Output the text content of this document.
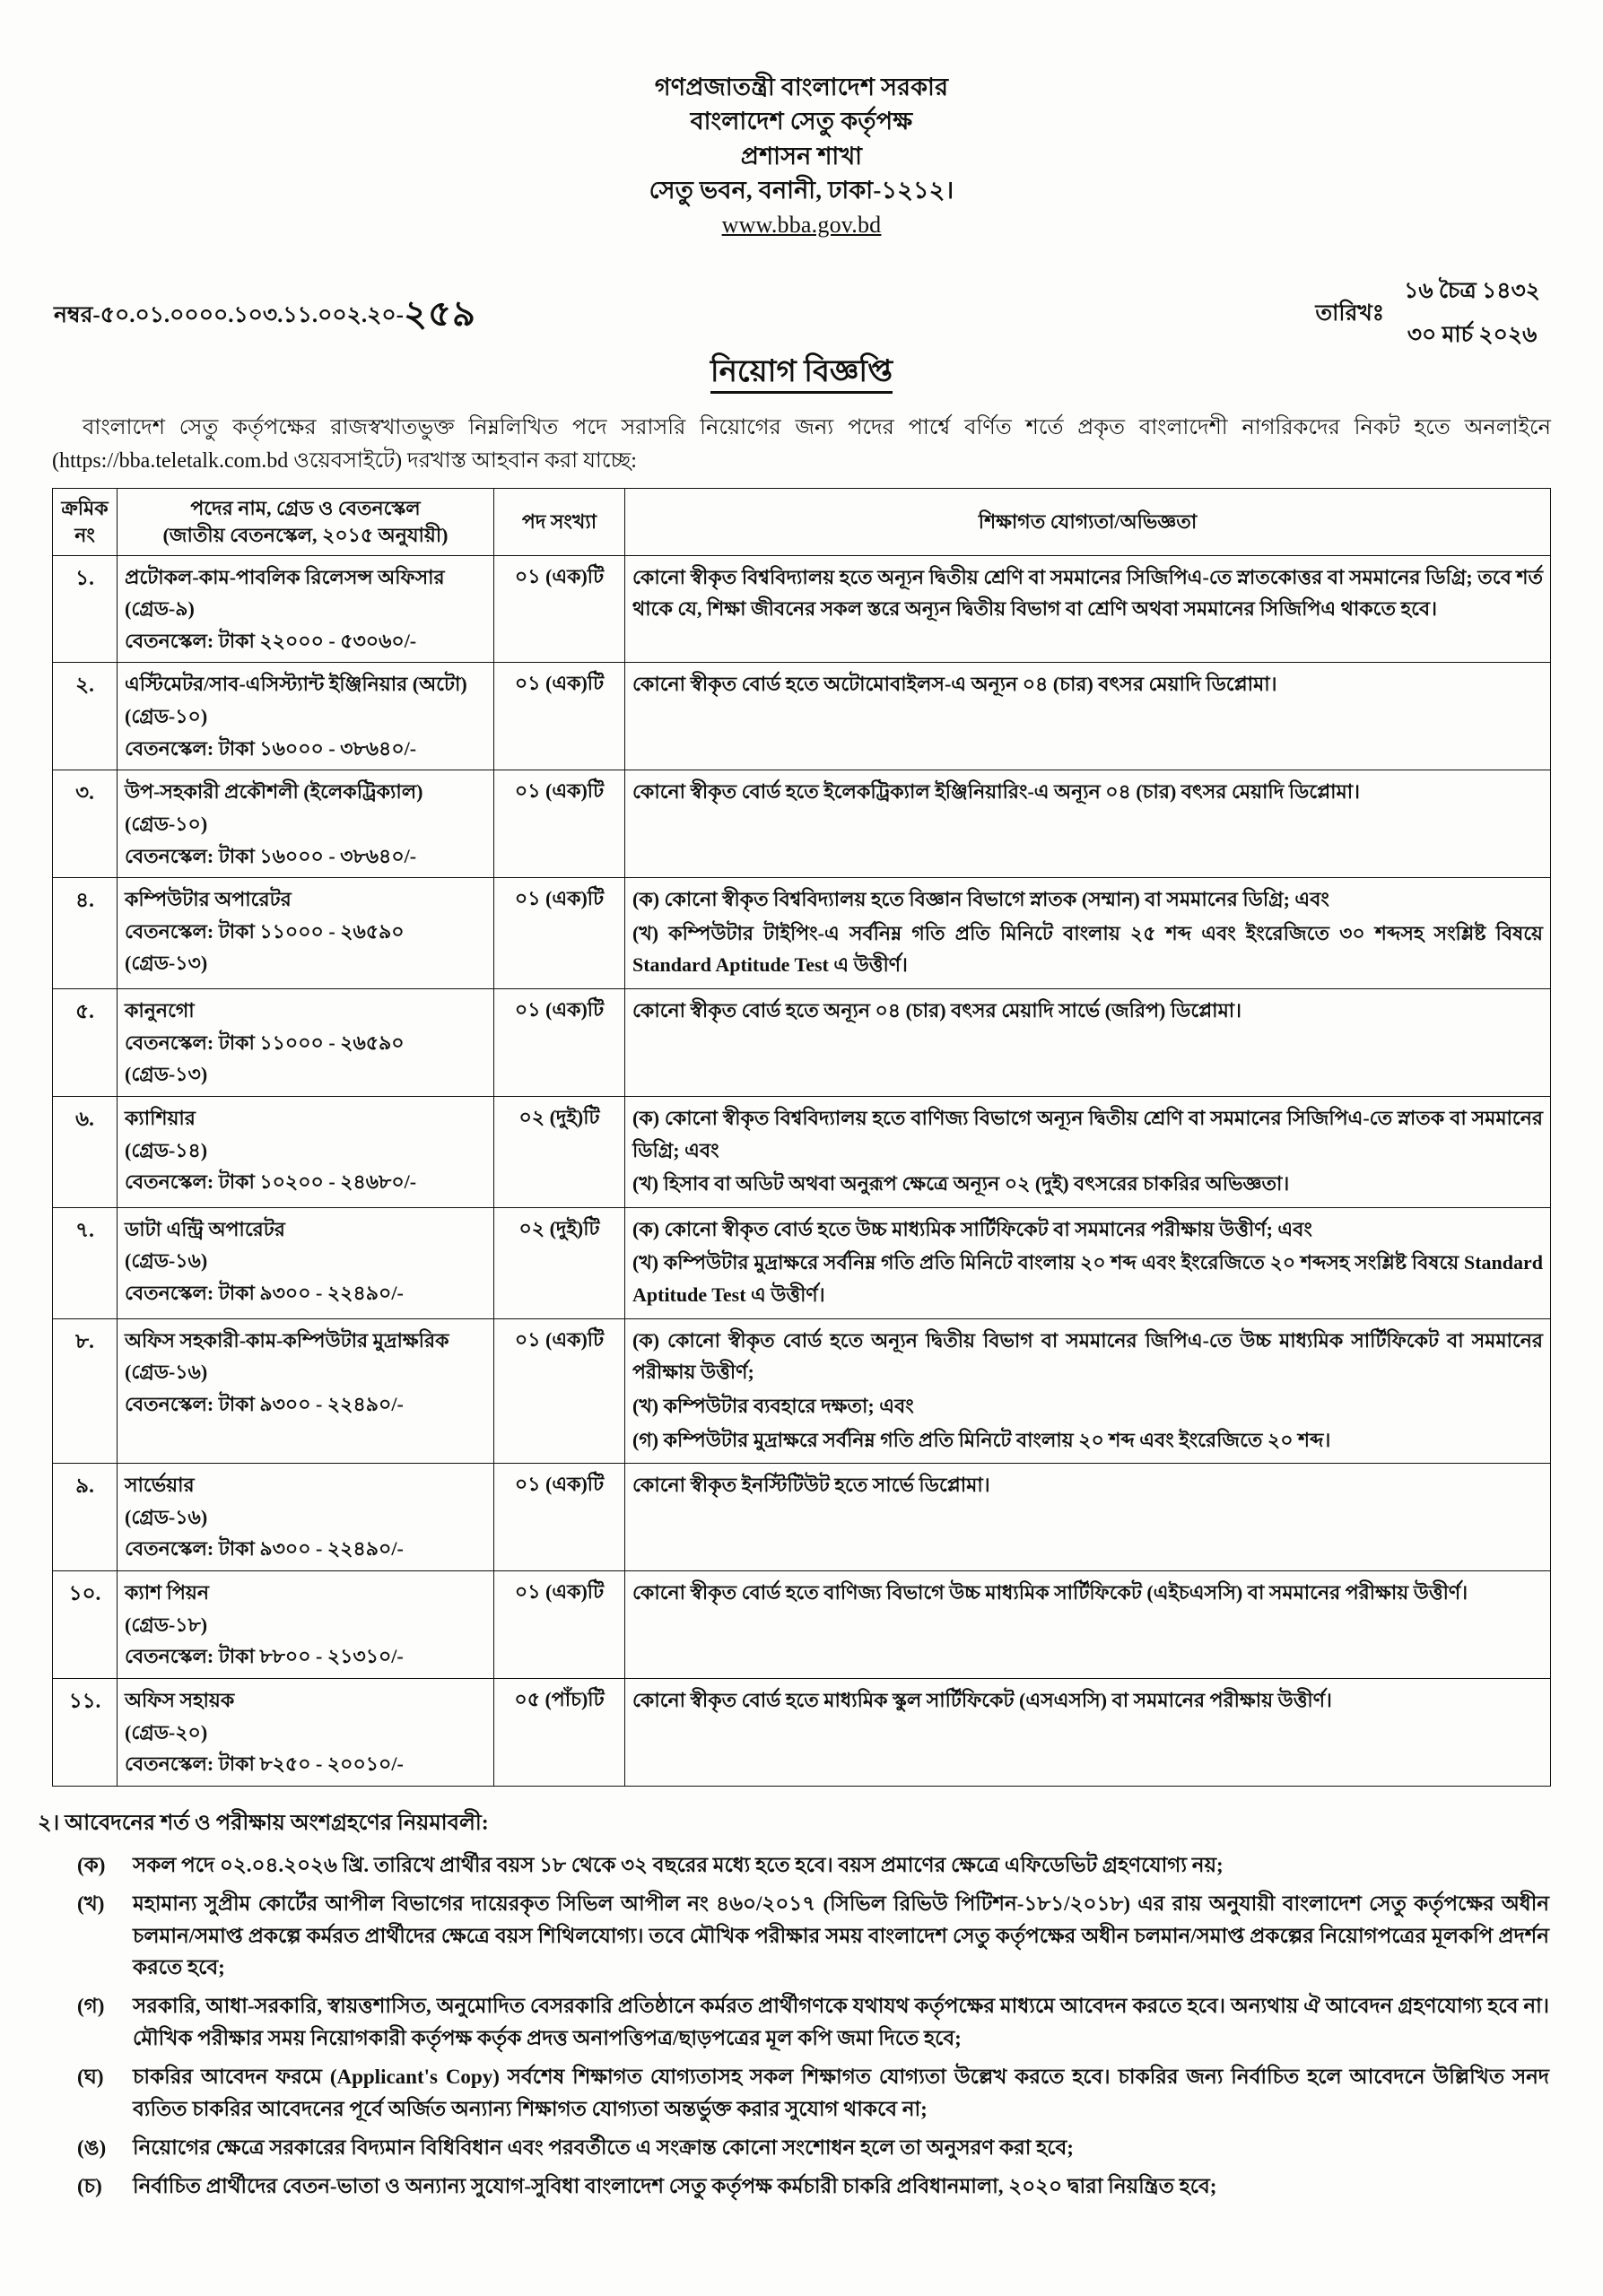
গণপ্রজাতন্ত্রী বাংলাদেশ সরকার
বাংলাদেশ সেতু কর্তৃপক্ষ
প্রশাসন শাখা
সেতু ভবন, বনানী, ঢাকা-১২১২।
www.bba.gov.bd
নম্বর-৫০.০১.০০০০.১০৩.১১.০০২.২০-২৫৯	তারিখঃ
১৬ চৈত্র ১৪৩২
৩০ মার্চ ২০২৬
নিয়োগ বিজ্ঞপ্তি
বাংলাদেশ সেতু কর্তৃপক্ষের রাজস্বখাতভুক্ত নিম্নলিখিত পদে সরাসরি নিয়োগের জন্য পদের পার্শ্বে বর্ণিত শর্তে প্রকৃত বাংলাদেশী নাগরিকদের নিকট হতে অনলাইনে (https://bba.teletalk.com.bd ওয়েবসাইটে) দরখাস্ত আহবান করা যাচ্ছে:
ক্রমিক নং	পদের নাম, গ্রেড ও বেতনস্কেল
(জাতীয় বেতনস্কেল, ২০১৫ অনুযায়ী)	পদ সংখ্যা	শিক্ষাগত যোগ্যতা/অভিজ্ঞতা
১.	প্রটোকল-কাম-পাবলিক রিলেসন্স অফিসার
(গ্রেড-৯)
বেতনস্কেল: টাকা ২২০০০ - ৫৩০৬০/-
	০১ (এক)টি	কোনো স্বীকৃত বিশ্ববিদ্যালয় হতে অন্যূন দ্বিতীয় শ্রেণি বা সমমানের সিজিপিএ-তে স্নাতকোত্তর বা সমমানের ডিগ্রি; তবে শর্ত থাকে যে, শিক্ষা জীবনের সকল স্তরে অন্যূন দ্বিতীয় বিভাগ বা শ্রেণি অথবা সমমানের সিজিপিএ থাকতে হবে।

২.	এস্টিমেটর/সাব-এসিস্ট্যান্ট ইঞ্জিনিয়ার (অটো)
(গ্রেড-১০)
বেতনস্কেল: টাকা ১৬০০০ - ৩৮৬৪০/-	০১ (এক)টি	কোনো স্বীকৃত বোর্ড হতে অটোমোবাইলস-এ অন্যূন ০৪ (চার) বৎসর মেয়াদি ডিপ্লোমা।

৩.	উপ-সহকারী প্রকৌশলী (ইলেকট্রিক্যাল)
(গ্রেড-১০)
বেতনস্কেল: টাকা ১৬০০০ - ৩৮৬৪০/-	০১ (এক)টি	কোনো স্বীকৃত বোর্ড হতে ইলেকট্রিক্যাল ইঞ্জিনিয়ারিং-এ অন্যূন ০৪ (চার) বৎসর মেয়াদি ডিপ্লোমা।

৪.	কম্পিউটার অপারেটর
বেতনস্কেল: টাকা ১১০০০ - ২৬৫৯০
(গ্রেড-১৩)
	০১ (এক)টি	(ক) কোনো স্বীকৃত বিশ্ববিদ্যালয় হতে বিজ্ঞান বিভাগে স্নাতক (সম্মান) বা সমমানের ডিগ্রি; এবং

(খ) কম্পিউটার টাইপিং-এ সর্বনিম্ন গতি প্রতি মিনিটে বাংলায় ২৫ শব্দ এবং ইংরেজিতে ৩০ শব্দসহ সংশ্লিষ্ট বিষয়ে Standard Aptitude Test এ উত্তীর্ণ।

৫.	কানুনগো
বেতনস্কেল: টাকা ১১০০০ - ২৬৫৯০
(গ্রেড-১৩)	০১ (এক)টি	কোনো স্বীকৃত বোর্ড হতে অন্যূন ০৪ (চার) বৎসর মেয়াদি সার্ভে (জরিপ) ডিপ্লোমা।

৬.	ক্যাশিয়ার
(গ্রেড-১৪)
বেতনস্কেল: টাকা ১০২০০ - ২৪৬৮০/-
	০২ (দুই)টি	(ক) কোনো স্বীকৃত বিশ্ববিদ্যালয় হতে বাণিজ্য বিভাগে অন্যূন দ্বিতীয় শ্রেণি বা সমমানের সিজিপিএ-তে স্নাতক বা সমমানের ডিগ্রি; এবং

(খ) হিসাব বা অডিট অথবা অনুরূপ ক্ষেত্রে অন্যূন ০২ (দুই) বৎসরের চাকরির অভিজ্ঞতা।

৭.	ডাটা এন্ট্রি অপারেটর
(গ্রেড-১৬)
বেতনস্কেল: টাকা ৯৩০০ - ২২৪৯০/-
	০২ (দুই)টি	(ক) কোনো স্বীকৃত বোর্ড হতে উচ্চ মাধ্যমিক সার্টিফিকেট বা সমমানের পরীক্ষায় উত্তীর্ণ; এবং

(খ) কম্পিউটার মুদ্রাক্ষরে সর্বনিম্ন গতি প্রতি মিনিটে বাংলায় ২০ শব্দ এবং ইংরেজিতে ২০ শব্দসহ সংশ্লিষ্ট বিষয়ে Standard Aptitude Test এ উত্তীর্ণ।

৮.	অফিস সহকারী-কাম-কম্পিউটার মুদ্রাক্ষরিক
(গ্রেড-১৬)
বেতনস্কেল: টাকা ৯৩০০ - ২২৪৯০/-
	০১ (এক)টি	(ক) কোনো স্বীকৃত বোর্ড হতে অন্যূন দ্বিতীয় বিভাগ বা সমমানের জিপিএ-তে উচ্চ মাধ্যমিক সার্টিফিকেট বা সমমানের পরীক্ষায় উত্তীর্ণ;

(খ) কম্পিউটার ব্যবহারে দক্ষতা; এবং

(গ) কম্পিউটার মুদ্রাক্ষরে সর্বনিম্ন গতি প্রতি মিনিটে বাংলায় ২০ শব্দ এবং ইংরেজিতে ২০ শব্দ।

৯.	সার্ভেয়ার
(গ্রেড-১৬)
বেতনস্কেল: টাকা ৯৩০০ - ২২৪৯০/-	০১ (এক)টি	কোনো স্বীকৃত ইনস্টিটিউট হতে সার্ভে ডিপ্লোমা।

১০.	ক্যাশ পিয়ন
(গ্রেড-১৮)
বেতনস্কেল: টাকা ৮৮০০ - ২১৩১০/-	০১ (এক)টি	কোনো স্বীকৃত বোর্ড হতে বাণিজ্য বিভাগে উচ্চ মাধ্যমিক সার্টিফিকেট (এইচএসসি) বা সমমানের পরীক্ষায় উত্তীর্ণ।

১১.	অফিস সহায়ক
(গ্রেড-২০)
বেতনস্কেল: টাকা ৮২৫০ - ২০০১০/-	০৫ (পাঁচ)টি	কোনো স্বীকৃত বোর্ড হতে মাধ্যমিক স্কুল সার্টিফিকেট (এসএসসি) বা সমমানের পরীক্ষায় উত্তীর্ণ।

২। আবেদনের শর্ত ও পরীক্ষায় অংশগ্রহণের নিয়মাবলী:
(ক)	সকল পদে ০২.০৪.২০২৬ খ্রি. তারিখে প্রার্থীর বয়স ১৮ থেকে ৩২ বছরের মধ্যে হতে হবে। বয়স প্রমাণের ক্ষেত্রে এফিডেভিট গ্রহণযোগ্য নয়;
(খ)	মহামান্য সুপ্রীম কোর্টের আপীল বিভাগের দায়েরকৃত সিভিল আপীল নং ৪৬০/২০১৭ (সিভিল রিভিউ পিটিশন-১৮১/২০১৮) এর রায় অনুযায়ী বাংলাদেশ সেতু কর্তৃপক্ষের অধীন চলমান/সমাপ্ত প্রকল্পে কর্মরত প্রার্থীদের ক্ষেত্রে বয়স শিথিলযোগ্য। তবে মৌখিক পরীক্ষার সময় বাংলাদেশ সেতু কর্তৃপক্ষের অধীন চলমান/সমাপ্ত প্রকল্পের নিয়োগপত্রের মূলকপি প্রদর্শন করতে হবে;
(গ)	সরকারি, আধা-সরকারি, স্বায়ত্তশাসিত, অনুমোদিত বেসরকারি প্রতিষ্ঠানে কর্মরত প্রার্থীগণকে যথাযথ কর্তৃপক্ষের মাধ্যমে আবেদন করতে হবে। অন্যথায় ঐ আবেদন গ্রহণযোগ্য হবে না। মৌখিক পরীক্ষার সময় নিয়োগকারী কর্তৃপক্ষ কর্তৃক প্রদত্ত অনাপত্তিপত্র/ছাড়পত্রের মূল কপি জমা দিতে হবে;
(ঘ)	চাকরির আবেদন ফরমে (Applicant's Copy) সর্বশেষ শিক্ষাগত যোগ্যতাসহ সকল শিক্ষাগত যোগ্যতা উল্লেখ করতে হবে। চাকরির জন্য নির্বাচিত হলে আবেদনে উল্লিখিত সনদ ব্যতিত চাকরির আবেদনের পূর্বে অর্জিত অন্যান্য শিক্ষাগত যোগ্যতা অন্তর্ভুক্ত করার সুযোগ থাকবে না;
(ঙ)	নিয়োগের ক্ষেত্রে সরকারের বিদ্যমান বিধিবিধান এবং পরবর্তীতে এ সংক্রান্ত কোনো সংশোধন হলে তা অনুসরণ করা হবে;
(চ)	নির্বাচিত প্রার্থীদের বেতন-ভাতা ও অন্যান্য সুযোগ-সুবিধা বাংলাদেশ সেতু কর্তৃপক্ষ কর্মচারী চাকরি প্রবিধানমালা, ২০২০ দ্বারা নিয়ন্ত্রিত হবে;
